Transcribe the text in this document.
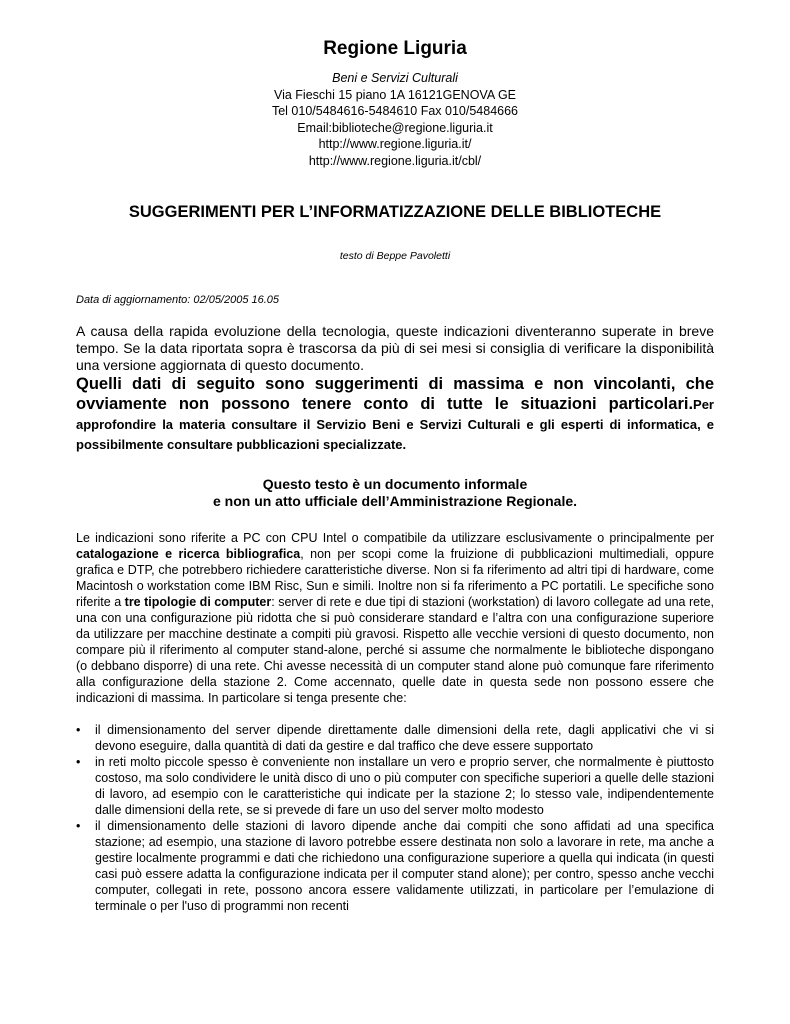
Regione Liguria
Beni e Servizi Culturali
Via Fieschi 15 piano 1A 16121GENOVA GE
Tel 010/5484616-5484610 Fax 010/5484666
Email:biblioteche@regione.liguria.it
http://www.regione.liguria.it/
http://www.regione.liguria.it/cbl/
SUGGERIMENTI PER L’INFORMATIZZAZIONE DELLE BIBLIOTECHE
testo di Beppe Pavoletti
Data di aggiornamento: 02/05/2005 16.05
A causa della rapida evoluzione della tecnologia, queste indicazioni diventeranno superate in breve tempo. Se la data riportata sopra è trascorsa da più di sei mesi si consiglia di verificare la disponibilità una versione aggiornata di questo documento.
Quelli dati di seguito sono suggerimenti di massima e non vincolanti, che ovviamente non possono tenere conto di tutte le situazioni particolari.Per approfondire la materia consultare il Servizio Beni e Servizi Culturali e gli esperti di informatica, e possibilmente consultare pubblicazioni specializzate.
Questo testo è un documento informale
e non un atto ufficiale dell’Amministrazione Regionale.
Le indicazioni sono riferite a PC con CPU Intel o compatibile da utilizzare esclusivamente o principalmente per catalogazione e ricerca bibliografica, non per scopi come la fruizione di pubblicazioni multimediali, oppure grafica e DTP, che potrebbero richiedere caratteristiche diverse. Non si fa riferimento ad altri tipi di hardware, come Macintosh o workstation come IBM Risc, Sun e simili. Inoltre non si fa riferimento a PC portatili. Le specifiche sono riferite a tre tipologie di computer: server di rete e due tipi di stazioni (workstation) di lavoro collegate ad una rete, una con una configurazione più ridotta che si può considerare standard e l’altra con una configurazione superiore da utilizzare per macchine destinate a compiti più gravosi. Rispetto alle vecchie versioni di questo documento, non compare più il riferimento al computer stand-alone, perché si assume che normalmente le biblioteche dispongano (o debbano disporre) di una rete. Chi avesse necessità di un computer stand alone può comunque fare riferimento alla configurazione della stazione 2. Come accennato, quelle date in questa sede non possono essere che indicazioni di massima. In particolare si tenga presente che:
• il dimensionamento del server dipende direttamente dalle dimensioni della rete, dagli applicativi che vi si devono eseguire, dalla quantità di dati da gestire e dal traffico che deve essere supportato
• in reti molto piccole spesso è conveniente non installare un vero e proprio server, che normalmente è piuttosto costoso, ma solo condividere le unità disco di uno o più computer con specifiche superiori a quelle delle stazioni di lavoro, ad esempio con le caratteristiche qui indicate per la stazione 2; lo stesso vale, indipendentemente dalle dimensioni della rete, se si prevede di fare un uso del server molto modesto
• il dimensionamento delle stazioni di lavoro dipende anche dai compiti che sono affidati ad una specifica stazione; ad esempio, una stazione di lavoro potrebbe essere destinata non solo a lavorare in rete, ma anche a gestire localmente programmi e dati che richiedono una configurazione superiore a quella qui indicata (in questi casi può essere adatta la configurazione indicata per il computer stand alone); per contro, spesso anche vecchi computer, collegati in rete, possono ancora essere validamente utilizzati, in particolare per l’emulazione di terminale o per l'uso di programmi non recenti
